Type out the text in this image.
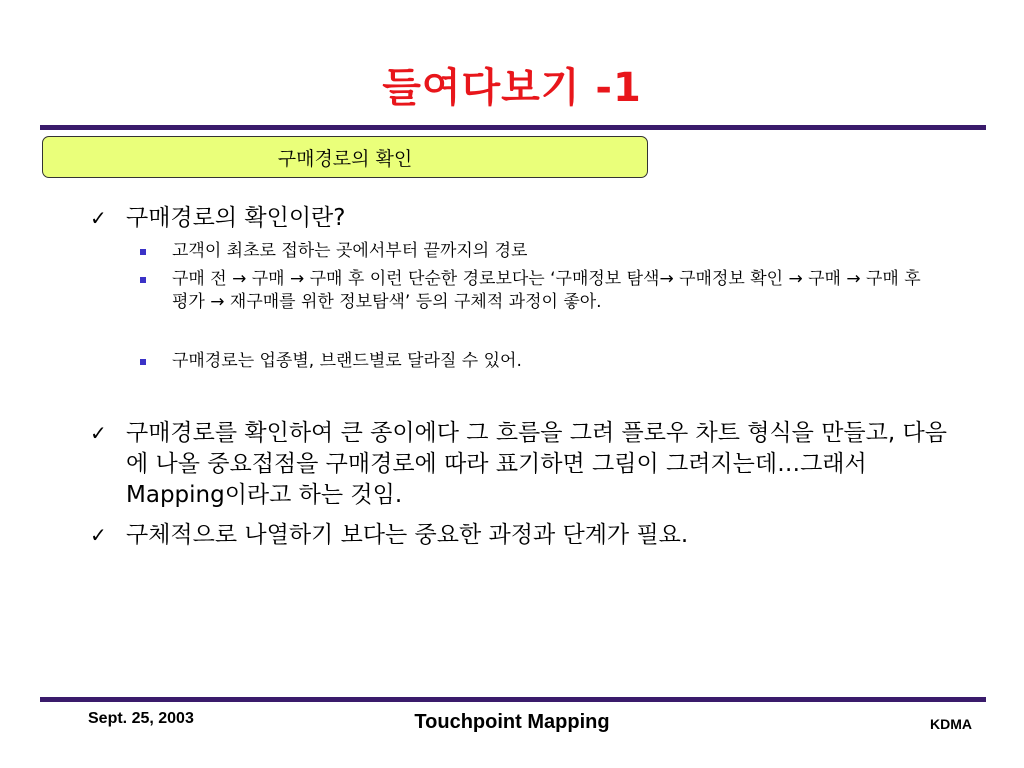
들여다보기 -1
구매경로의 확인
✓ 구매경로의 확인이란?
고객이 최초로 접하는 곳에서부터 끝까지의 경로
구매 전 → 구매 → 구매 후 이런 단순한 경로보다는 ‘구매정보 탐색→ 구매정보 확인 → 구매 → 구매 후 평가 → 재구매를 위한 정보탐색’ 등의 구체적 과정이 좋아.
구매경로는 업종별, 브랜드별로 달라질 수 있어.
✓ 구매경로를 확인하여 큰 종이에다 그 흐름을 그려 플로우 차트 형식을 만들고, 다음에 나올 중요접점을 구매경로에 따라 표기하면 그림이 그려지는데…그래서 Mapping이라고 하는 것임.
✓ 구체적으로 나열하기 보다는 중요한 과정과 단계가 필요.
Sept. 25, 2003	Touchpoint Mapping	KDMA
